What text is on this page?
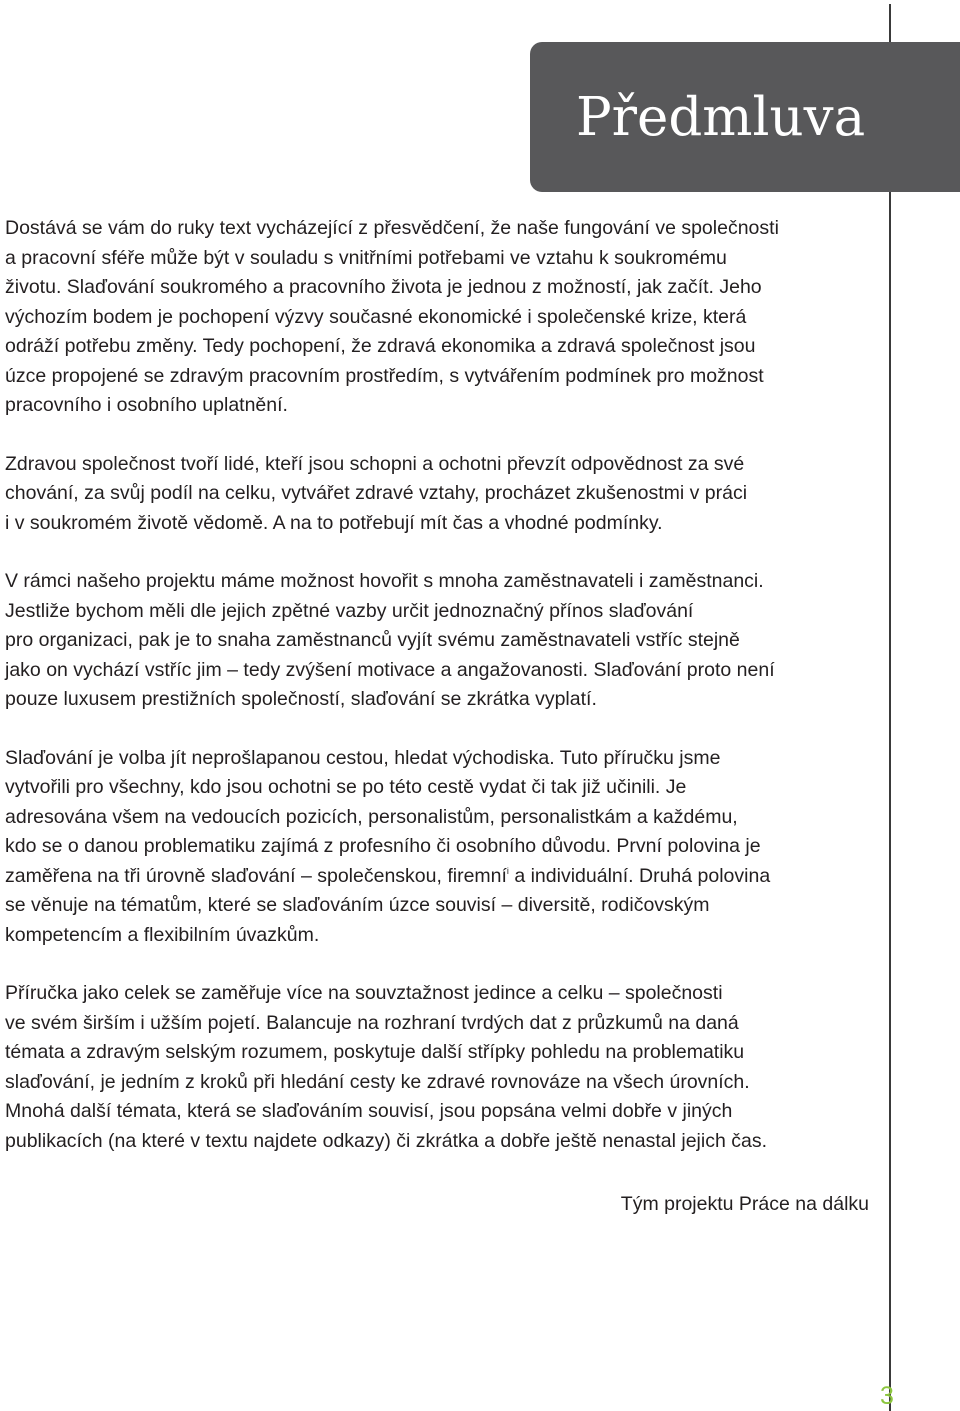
Předmluva

Dostává se vám do ruky text vycházející z přesvědčení, že naše fungování ve společnosti
a pracovní sféře může být v souladu s vnitřními potřebami ve vztahu k soukromému
životu. Slaďování soukromého a pracovního života je jednou z možností, jak začít. Jeho
výchozím bodem je pochopení výzvy současné ekonomické i společenské krize, která
odráží potřebu změny. Tedy pochopení, že zdravá ekonomika a zdravá společnost jsou
úzce propojené se zdravým pracovním prostředím, s vytvářením podmínek pro možnost
pracovního i osobního uplatnění.

Zdravou společnost tvoří lidé, kteří jsou schopni a ochotni převzít odpovědnost za své
chování, za svůj podíl na celku, vytvářet zdravé vztahy, procházet zkušenostmi v práci
i v soukromém životě vědomě. A na to potřebují mít čas a vhodné podmínky.

V rámci našeho projektu máme možnost hovořit s mnoha zaměstnavateli i zaměstnanci.
Jestliže bychom měli dle jejich zpětné vazby určit jednoznačný přínos slaďování
pro organizaci, pak je to snaha zaměstnanců vyjít svému zaměstnavateli vstříc stejně
jako on vychází vstříc jim – tedy zvýšení motivace a angažovanosti. Slaďování proto není
pouze luxusem prestižních společností, slaďování se zkrátka vyplatí.

Slaďování je volba jít neprošlapanou cestou, hledat východiska. Tuto příručku jsme
vytvořili pro všechny, kdo jsou ochotni se po této cestě vydat či tak již učinili. Je
adresována všem na vedoucích pozicích, personalistům, personalistkám a každému,
kdo se o danou problematiku zajímá z profesního či osobního důvodu. První polovina je
zaměřena na tři úrovně slaďování – společenskou, firemní$^i$ a individuální. Druhá polovina
se věnuje na tématům, které se slaďováním úzce souvisí – diversitě, rodičovským
kompetencím a flexibilním úvazkům.

Příručka jako celek se zaměřuje více na souvztažnost jedince a celku – společnosti
ve svém širším i užším pojetí. Balancuje na rozhraní tvrdých dat z průzkumů na daná
témata a zdravým selským rozumem, poskytuje další střípky pohledu na problematiku
slaďování, je jedním z kroků při hledání cesty ke zdravé rovnováze na všech úrovních.
Mnohá další témata, která se slaďováním souvisí, jsou popsána velmi dobře v jiných
publikacích (na které v textu najdete odkazy) či zkrátka a dobře ještě nenastal jejich čas.

Tým projektu Práce na dálku
3
